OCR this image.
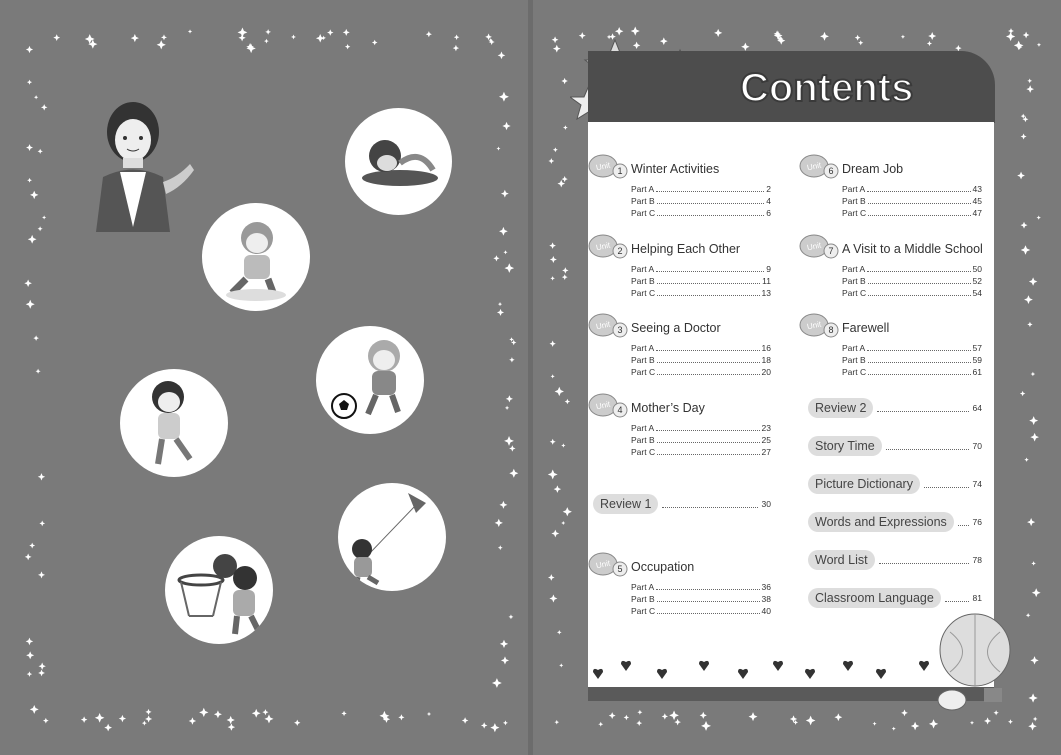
Contents
Unit 1 Winter Activities
Part A	2
Part B	4
Part C	6
Unit 2 Helping Each Other
Part A	9
Part B	11
Part C	13
Unit 3 Seeing a Doctor
Part A	16
Part B	18
Part C	20
Unit 4 Mother’s Day
Part A	23
Part B	25
Part C	27
Unit 5 Occupation
Part A	36
Part B	38
Part C	40
Unit 6 Dream Job
Part A	43
Part B	45
Part C	47
Unit 7 A Visit to a Middle School
Part A	50
Part B	52
Part C	54
Unit 8 Farewell
Part A	57
Part B	59
Part C	61
Review 1	30
Review 2	64
Story Time	70
Picture Dictionary	74
Words and Expressions	76
Word List	78
Classroom Language	81
